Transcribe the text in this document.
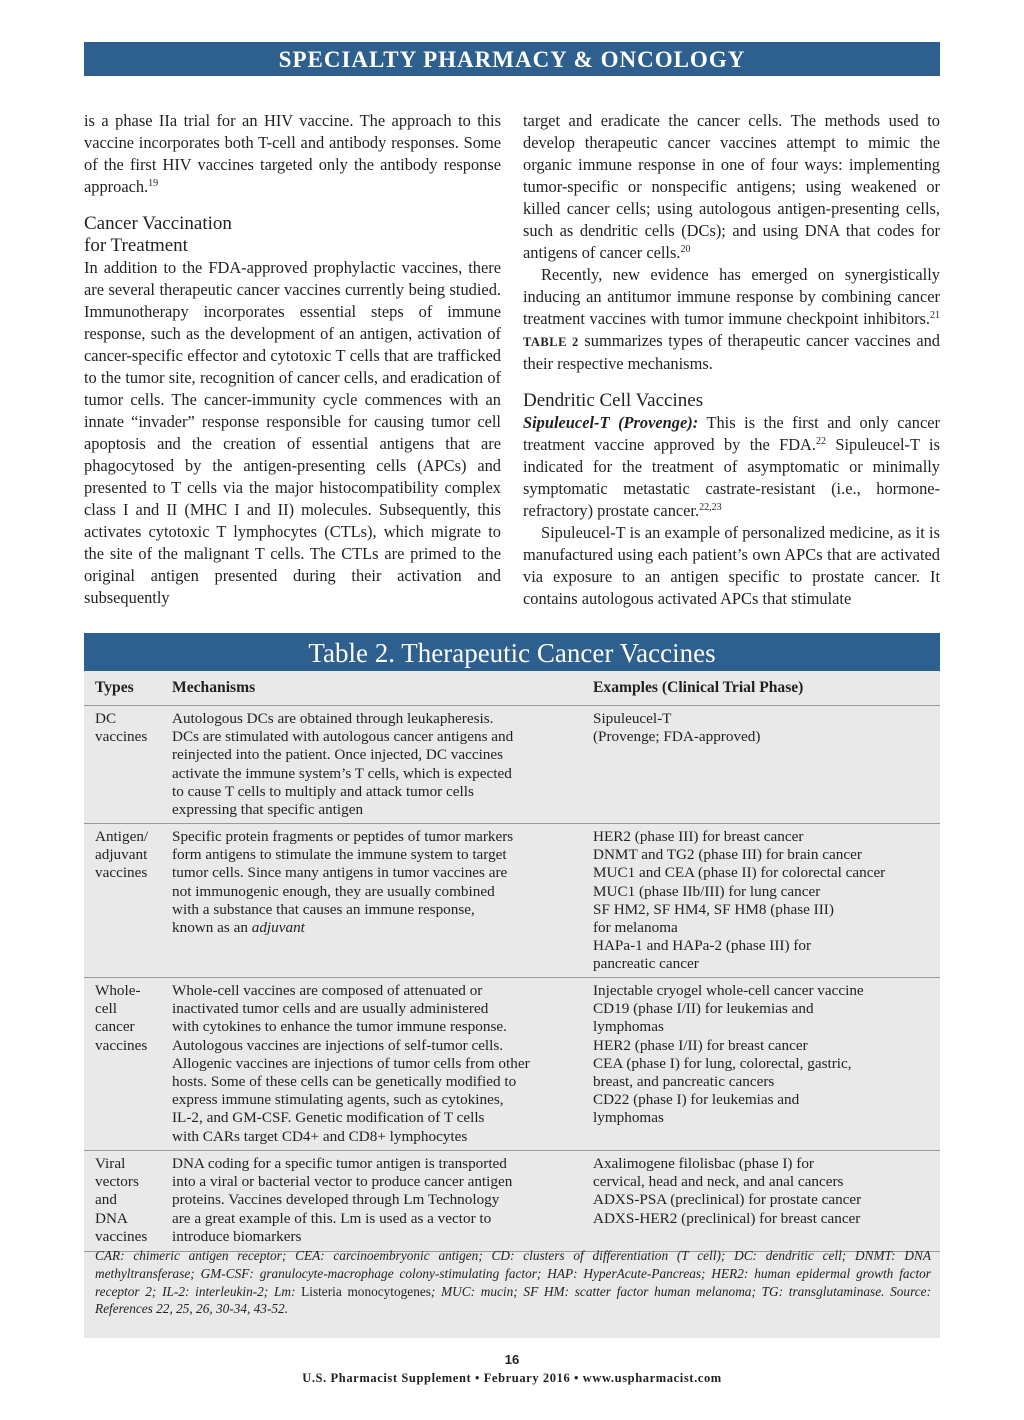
SPECIALTY PHARMACY & ONCOLOGY

is a phase IIa trial for an HIV vaccine. The approach to this vaccine incorporates both T-cell and antibody responses. Some of the first HIV vaccines targeted only the antibody response approach.$^{19}$

Cancer Vaccination
for Treatment

In addition to the FDA-approved prophylactic vaccines, there are several therapeutic cancer vaccines currently being studied. Immunotherapy incorporates essential steps of immune response, such as the development of an antigen, activation of cancer-specific effector and cytotoxic T cells that are trafficked to the tumor site, recognition of cancer cells, and eradication of tumor cells. The cancer-immunity cycle commences with an innate “invader” response responsible for causing tumor cell apoptosis and the creation of essential antigens that are phagocytosed by the antigen-presenting cells (APCs) and presented to T cells via the major histocompatibility complex class I and II (MHC I and II) molecules. Subsequently, this activates cytotoxic T lymphocytes (CTLs), which migrate to the site of the malignant T cells. The CTLs are primed to the original antigen presented during their activation and subsequently

target and eradicate the cancer cells. The methods used to develop therapeutic cancer vaccines attempt to mimic the organic immune response in one of four ways: implementing tumor-specific or nonspecific antigens; using weakened or killed cancer cells; using autologous antigen-presenting cells, such as dendritic cells (DCs); and using DNA that codes for antigens of cancer cells.$^{20}$

Recently, new evidence has emerged on synergistically inducing an antitumor immune response by combining cancer treatment vaccines with tumor immune checkpoint inhibitors.$^{21}$ TABLE 2 summarizes types of therapeutic cancer vaccines and their respective mechanisms.

Dendritic Cell Vaccines

Sipuleucel-T (Provenge): This is the first and only cancer treatment vaccine approved by the FDA.$^{22}$ Sipuleucel-T is indicated for the treatment of asymptomatic or minimally symptomatic metastatic castrate-resistant (i.e., hormone-refractory) prostate cancer.$^{22,23}$

Sipuleucel-T is an example of personalized medicine, as it is manufactured using each patient’s own APCs that are activated via exposure to an antigen specific to prostate cancer. It contains autologous activated APCs that stimulate

Table 2. Therapeutic Cancer Vaccines
Types	Mechanisms	Examples (Clinical Trial Phase)
DC
vaccines
Autologous DCs are obtained through leukapheresis.
DCs are stimulated with autologous cancer antigens and
reinjected into the patient. Once injected, DC vaccines
activate the immune system’s T cells, which is expected
to cause T cells to multiply and attack tumor cells
expressing that specific antigen
Sipuleucel-T
(Provenge; FDA-approved)
Antigen/
adjuvant
vaccines
Specific protein fragments or peptides of tumor markers
form antigens to stimulate the immune system to target
tumor cells. Since many antigens in tumor vaccines are
not immunogenic enough, they are usually combined
with a substance that causes an immune response,
known as an adjuvant
HER2 (phase III) for breast cancer
DNMT and TG2 (phase III) for brain cancer
MUC1 and CEA (phase II) for colorectal cancer
MUC1 (phase IIb/III) for lung cancer
SF HM2, SF HM4, SF HM8 (phase III)
for melanoma
HAPa-1 and HAPa-2 (phase III) for
pancreatic cancer
Whole-
cell
cancer
vaccines
Whole-cell vaccines are composed of attenuated or
inactivated tumor cells and are usually administered
with cytokines to enhance the tumor immune response.
Autologous vaccines are injections of self-tumor cells.
Allogenic vaccines are injections of tumor cells from other
hosts. Some of these cells can be genetically modified to
express immune stimulating agents, such as cytokines,
IL-2, and GM-CSF. Genetic modification of T cells
with CARs target CD4+ and CD8+ lymphocytes
Injectable cryogel whole-cell cancer vaccine
CD19 (phase I/II) for leukemias and
lymphomas
HER2 (phase I/II) for breast cancer
CEA (phase I) for lung, colorectal, gastric,
breast, and pancreatic cancers
CD22 (phase I) for leukemias and
lymphomas
Viral
vectors
and
DNA
vaccines
DNA coding for a specific tumor antigen is transported
into a viral or bacterial vector to produce cancer antigen
proteins. Vaccines developed through Lm Technology
are a great example of this. Lm is used as a vector to
introduce biomarkers
Axalimogene filolisbac (phase I) for
cervical, head and neck, and anal cancers
ADXS-PSA (preclinical) for prostate cancer
ADXS-HER2 (preclinical) for breast cancer
CAR: chimeric antigen receptor; CEA: carcinoembryonic antigen; CD: clusters of differentiation (T cell); DC: dendritic cell; DNMT: DNA methyltransferase; GM-CSF: granulocyte-macrophage colony-stimulating factor; HAP: HyperAcute-Pancreas; HER2: human epidermal growth factor receptor 2; IL-2: interleukin-2; Lm: Listeria monocytogenes; MUC: mucin; SF HM: scatter factor human melanoma; TG: transglutaminase. Source: References 22, 25, 26, 30-34, 43-52.
16
U.S. Pharmacist Supplement • February 2016 • www.uspharmacist.com
